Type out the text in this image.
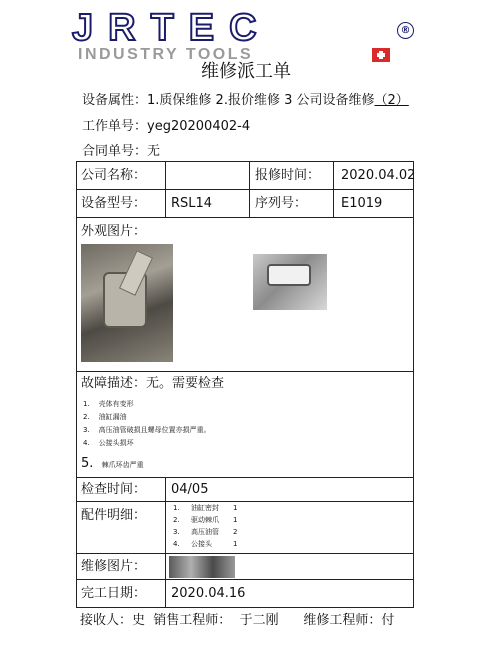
JRTEC
INDUSTRY TOOLS
®
维修派工单
设备属性：1.质保维修 2.报价维修 3 公司设备维修（2）
工作单号：yeg20200402-4
合同单号：无
公司名称：	报修时间： 2020.04.02
设备型号： RSL14	序列号：	E1019
外观图片：
故障描述：无。需要检查
1. 壳体有变形
2. 油缸漏油
3. 高压油管破损且螺母位置亦损严重。
4. 公接头损坏
5. 棘爪环齿严重
检查时间： 04/05
配件明细：	1. 油缸密封 1
2. 驱动棘爪 1
3. 高压油管 2
4. 公接头	1
维修图片：
完工日期： 2020.04.16
接收人：史 销售工程师： 于二刚 维修工程师：付
